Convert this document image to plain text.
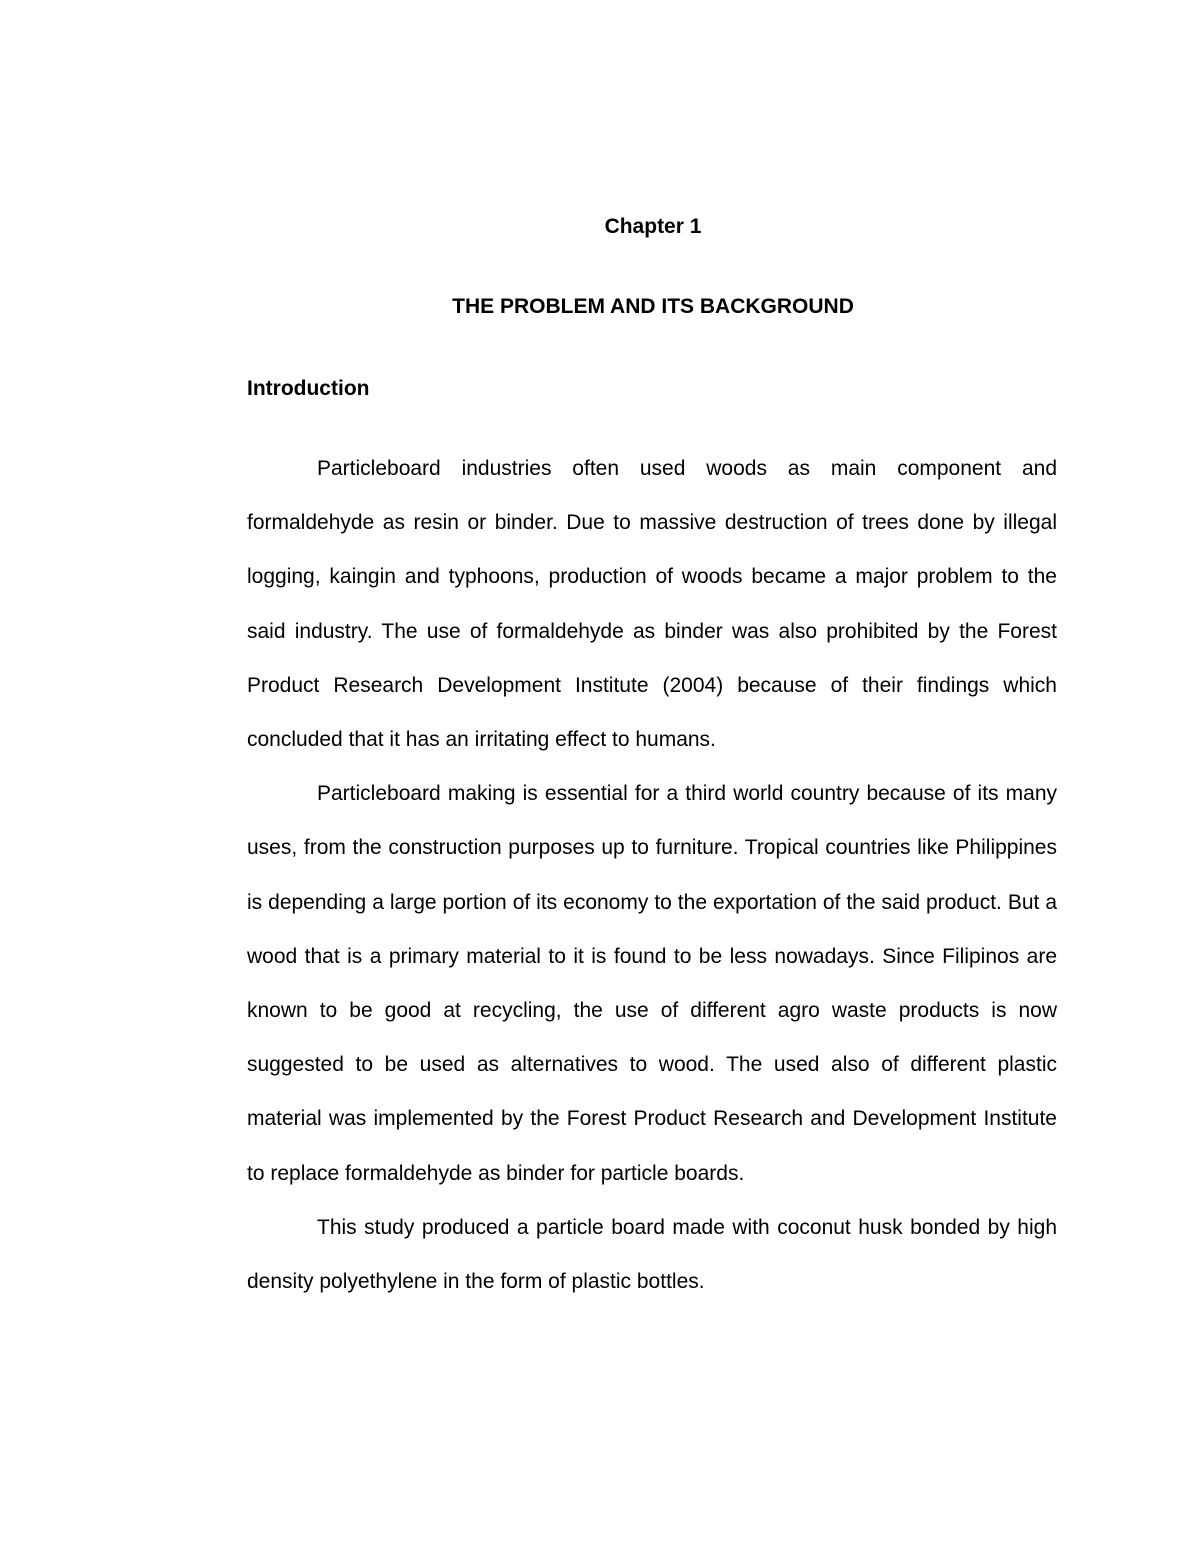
Chapter 1
THE PROBLEM AND ITS BACKGROUND
Introduction

Particleboard industries often used woods as main component and formaldehyde as resin or binder. Due to massive destruction of trees done by illegal logging, kaingin and typhoons, production of woods became a major problem to the said industry. The use of formaldehyde as binder was also prohibited by the Forest Product Research Development Institute (2004) because of their findings which concluded that it has an irritating effect to humans.

Particleboard making is essential for a third world country because of its many uses, from the construction purposes up to furniture. Tropical countries like Philippines is depending a large portion of its economy to the exportation of the said product. But a wood that is a primary material to it is found to be less nowadays. Since Filipinos are known to be good at recycling, the use of different agro waste products is now suggested to be used as alternatives to wood. The used also of different plastic material was implemented by the Forest Product Research and Development Institute to replace formaldehyde as binder for particle boards.

This study produced a particle board made with coconut husk bonded by high density polyethylene in the form of plastic bottles.
